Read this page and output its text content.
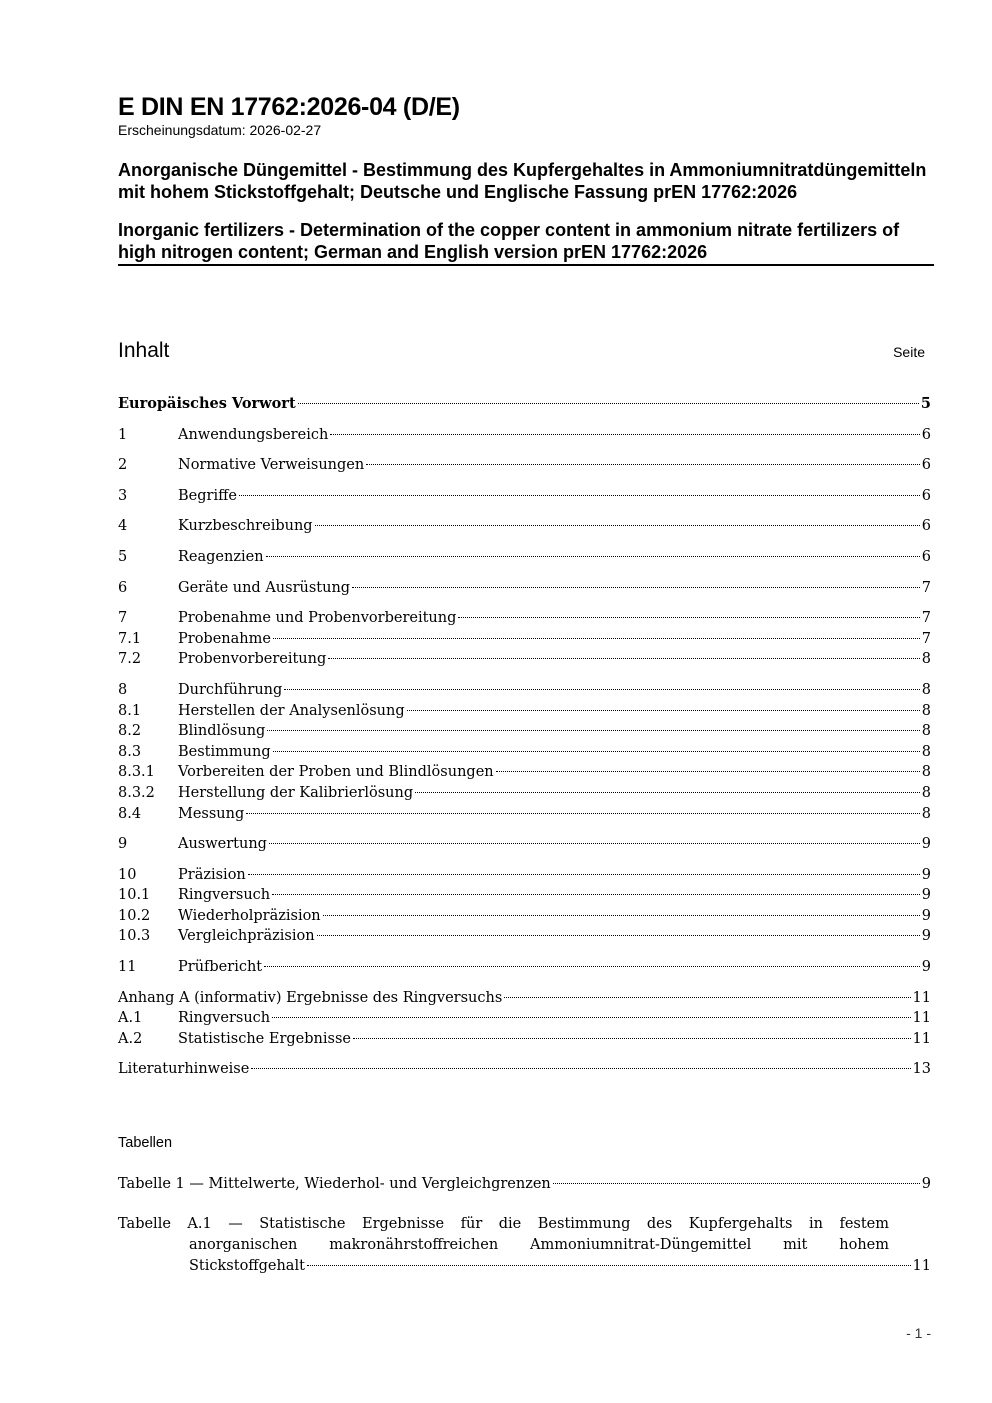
E DIN EN 17762:2026-04 (D/E)
Erscheinungsdatum: 2026-02-27
Anorganische Düngemittel - Bestimmung des Kupfergehaltes in Ammoniumnitratdüngemitteln mit hohem Stickstoffgehalt; Deutsche und Englische Fassung prEN 17762:2026
Inorganic fertilizers - Determination of the copper content in ammonium nitrate fertilizers of high nitrogen content; German and English version prEN 17762:2026
Inhalt	Seite
Europäisches Vorwort	5
1	Anwendungsbereich	6
2	Normative Verweisungen	6
3	Begriffe	6
4	Kurzbeschreibung	6
5	Reagenzien	6
6	Geräte und Ausrüstung	7
7	Probenahme und Probenvorbereitung	7
7.1	Probenahme	7
7.2	Probenvorbereitung	8
8	Durchführung	8
8.1	Herstellen der Analysenlösung	8
8.2	Blindlösung	8
8.3	Bestimmung	8
8.3.1	Vorbereiten der Proben und Blindlösungen	8
8.3.2	Herstellung der Kalibrierlösung	8
8.4	Messung	8
9	Auswertung	9
10	Präzision	9
10.1	Ringversuch	9
10.2	Wiederholpräzision	9
10.3	Vergleichpräzision	9
11	Prüfbericht	9
Anhang A (informativ) Ergebnisse des Ringversuchs	11
A.1	Ringversuch	11
A.2	Statistische Ergebnisse	11
Literaturhinweise	13
Tabellen
Tabelle 1 — Mittelwerte, Wiederhol- und Vergleichgrenzen	9
Tabelle A.1 — Statistische Ergebnisse für die Bestimmung des Kupfergehalts in festem
anorganischen makronährstoffreichen Ammoniumnitrat-Düngemittel mit hohem
Stickstoffgehalt	11
- 1 -
